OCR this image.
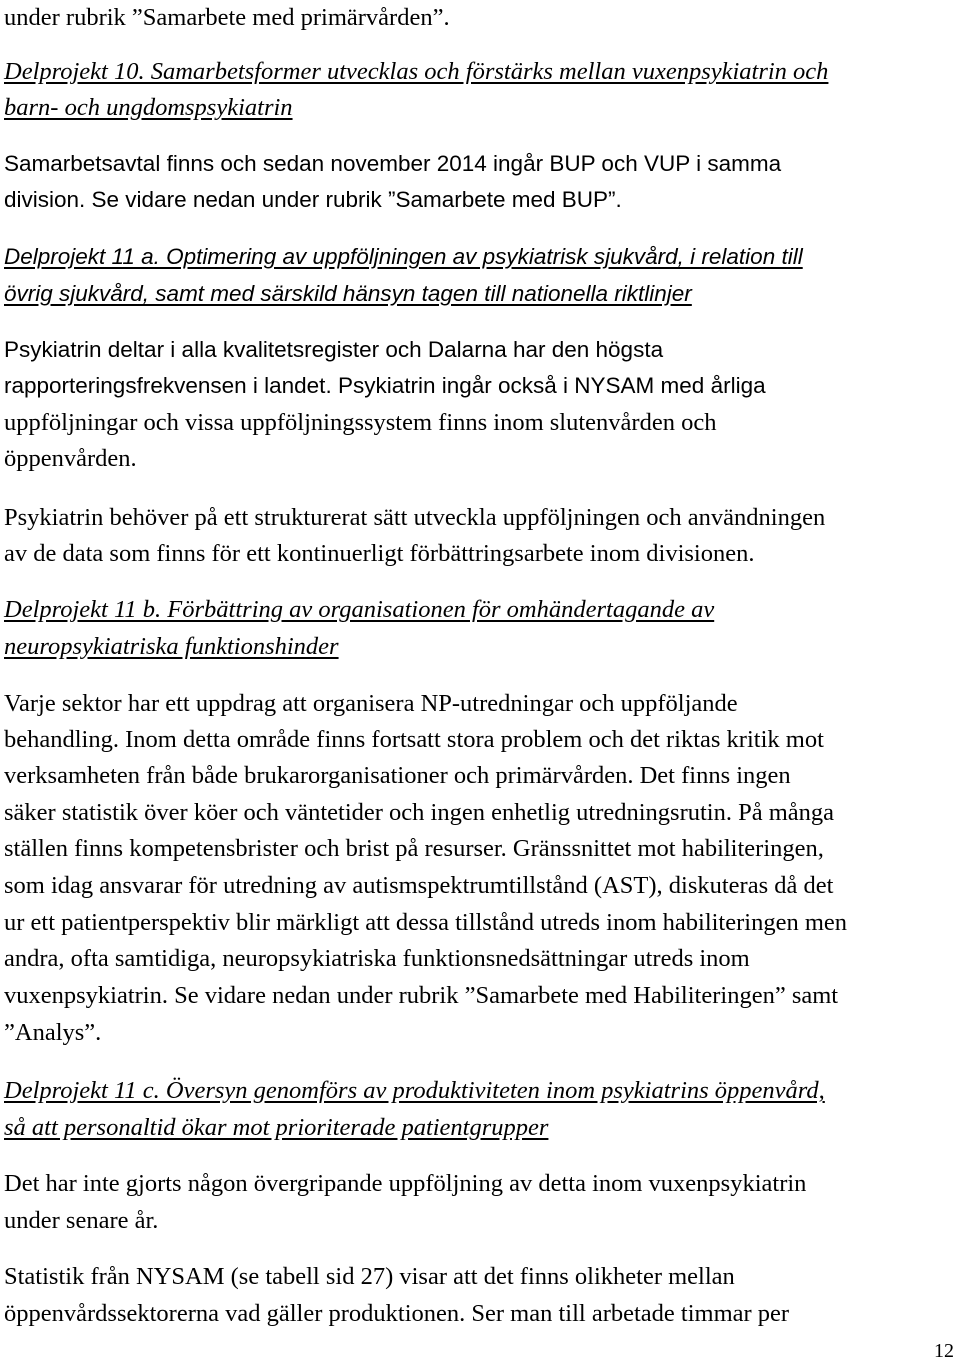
under rubrik ”Samarbete med primärvården”.
Delprojekt 10. Samarbetsformer utvecklas och förstärks mellan vuxenpsykiatrin och
barn- och ungdomspsykiatrin
Samarbetsavtal finns och sedan november 2014 ingår BUP och VUP i samma
division. Se vidare nedan under rubrik ”Samarbete med BUP”.
Delprojekt 11 a. Optimering av uppföljningen av psykiatrisk sjukvård, i relation till
övrig sjukvård, samt med särskild hänsyn tagen till nationella riktlinjer
Psykiatrin deltar i alla kvalitetsregister och Dalarna har den högsta
rapporteringsfrekvensen i landet. Psykiatrin ingår också i NYSAM med årliga
uppföljningar och vissa uppföljningssystem finns inom slutenvården och
öppenvården.
Psykiatrin behöver på ett strukturerat sätt utveckla uppföljningen och användningen
av de data som finns för ett kontinuerligt förbättringsarbete inom divisionen.
Delprojekt 11 b. Förbättring av organisationen för omhändertagande av
neuropsykiatriska funktionshinder
Varje sektor har ett uppdrag att organisera NP-utredningar och uppföljande
behandling. Inom detta område finns fortsatt stora problem och det riktas kritik mot
verksamheten från både brukarorganisationer och primärvården. Det finns ingen
säker statistik över köer och väntetider och ingen enhetlig utredningsrutin. På många
ställen finns kompetensbrister och brist på resurser. Gränssnittet mot habiliteringen,
som idag ansvarar för utredning av autismspektrumtillstånd (AST), diskuteras då det
ur ett patientperspektiv blir märkligt att dessa tillstånd utreds inom habiliteringen men
andra, ofta samtidiga, neuropsykiatriska funktionsnedsättningar utreds inom
vuxenpsykiatrin. Se vidare nedan under rubrik ”Samarbete med Habiliteringen” samt
”Analys”.
Delprojekt 11 c. Översyn genomförs av produktiviteten inom psykiatrins öppenvård,
så att personaltid ökar mot prioriterade patientgrupper
Det har inte gjorts någon övergripande uppföljning av detta inom vuxenpsykiatrin
under senare år.
Statistik från NYSAM (se tabell sid 27) visar att det finns olikheter mellan
öppenvårdssektorerna vad gäller produktionen. Ser man till arbetade timmar per
12
